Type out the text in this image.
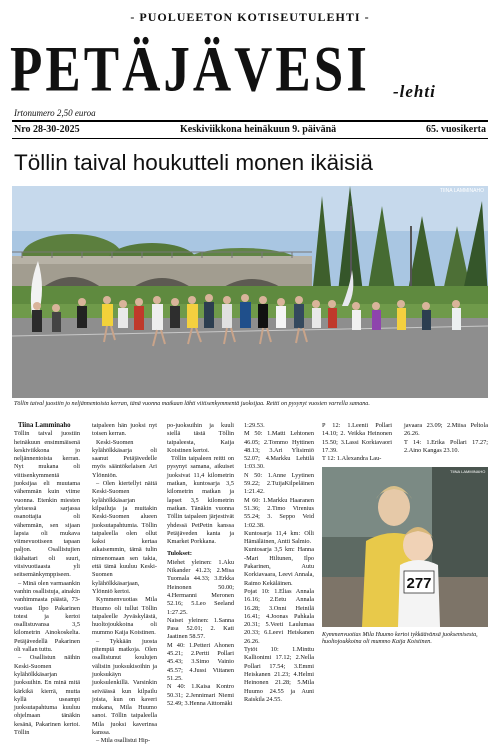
- PUOLUEETON KOTISEUTULEHTI -
PETÄJÄVESI -lehti
Irtonumero 2,50 euroa
Nro 28-30-2025	Keskiviikkona heinäkuun 9. päivänä	65. vuosikerta
Töllin taival houkutteli monen ikäisiä
TIINA LAMMINAHO
Töllin taival juostiin jo neljännentoista kerran, tänä vuonna matkaan lähti viitisenkymmentä juoksijaa. Reitti on pysynyt vuosien varrella samana.

Tiina Lamminaho

Töllin taival juostiin heinäkuun ensimmäisenä keskiviikkona jo neljännentoista kerran. Nyt mukana oli viitisenkymmentä juoksijaa eli muutama vähemmän kuin viime vuonna. Etenkin miesten yleisessä sarjassa osanottajia oli vähemmän, sen sijaan lapsia oli mukava viimevuotiseen tapaan paljon. Osallistujien ikähaitari oli suuri, viisivuotiaasta yli seitsemänkymppiseen.

– Minä olen varmaankin vanhin osallistuja, ainakin vanhimmasta päästä, 73-vuotias Ilpo Pakarinen totesi ja kertoi osallistuvansa 3,5 kilometrin Ainokoskelta. Petäjävedellä Pakarinen oli vallan tuttu.

– Osallistun näihin Keski-Suomen kylähölkkäsarjan juoksuihin. En minä mitä kärkikä kierrä, mutta kyllä useampi juoksutapahtuma kuuluu ohjelmaan tänäkin kesänä, Pakarinen kertoi. Töllin

taipaleen hän juoksi nyt toisen kerran.

Keski-Suomen kylähölkkäsarja oli saanut Petäjävedelle myös sääntökelaisen Ari Ylönniön.

– Olen kiertellyt näitä Keski-Suomen kylähölkkäsarjan kilpailuja ja muitakin Keski-Suomen alueen juoksutapahtumia. Töllin taipaleella olen ollut kaksi kertaa aikaisemmin, tämä tulin nimenomaan sen takia, että tämä kuuluu Keski-Suomen kylähölkkäsarjaan, Ylönniö kertoi.

Kymmenvuotias Mila Huumo oli tullut Töllin taipaleelle Jyväskylästä, huoltojoukkoina oli mummo Kaija Koistinen.

– Tykkään juosta pitempiä matkoja. Olen osallistunut koulujen välisiin juoksukisoihin ja juoksukäyn juoksulenkillä. Varsinkin seiväässä kun kilpailu joista, kun on kaveri mukana, Mila Huumo sanoi. Töllin taipaleella Mila juoksi kaverinsa kanssa.

– Mila osallistui Hip-

po-juoksuihin ja kuuli siellä tästä Töllin taipaleesta, Kaija Koistinen kertoi.

Töllin taipaleen reitti on pysynyt samana, aikuiset juoksivat 11,4 kilometrin matkan, kuntosarja 3,5 kilometrin matkan ja lapset 3,5 kilometrin matkan. Tänäkin vuonna Töllin taipaleen järjestivät yhdessä PetPetin kanssa Petäjäveden kanta ja Kmarket Porkkana.

Tulokset:

Miehet yleinen: 1.Aku Nikander 41.23; 2.Misa Tuomala 44.33; 3.Erkka Heinonen 50.00; 4.Hermanni Meronen 52.16; 5.Leo Seeland 1:27.25.

Naiset yleinen: 1.Sanna Pasa 52.01; 2. Kati Jaatinen 58.57.

M 40: 1.Petteri Ahonen 45.21; 2.Pertti Pollari 45.43; 3.Simo Vainio 45.57; 4.Jussi Viitanen 51.25.

N 40: 1.Kaisa Kontro 50.31; 2.Jennimari Niemi 52.49; 3.Henna Aittomäki

1:29.53.

M 50: 1.Matti Lehtonen 46.05; 2.Tommo Hyttinen 48.13; 3.Ari Ylisirniö 52.07; 4.Markku Lehtilä 1:03.30.

N 50: 1.Anne Lyytinen 59.22; 2.TuijaKilpeläinen 1:21.42.

M 60: 1.Markku Haaranen 51.36; 2.Timo Virenius 55.24; 3. Seppo Veid 1:02.38.

Kuntosarja 11,4 km: Olli Hämäläinen, Antti Salmio.

Kuntosarja 3,5 km: Hanna -Mari Hiltunen, Ilpo Pakarinen, Autu Korkiavaara, Leevi Annala, Raimo Kekäläinen.

Pojat 10: 1.Elias Annala 16.16; 2.Eetu Annala 16.28; 3.Onni Heinilä 16.41; 4.Joonas Pahkala 20.31; 5.Veeti Laulumaa 20.33; 6.Leevi Heiskanen 26.26.

Tytöt 10: 1.Minttu Kallionimi 17.12; 2.Nella Pollari 17.54; 3.Emmi Heiskanen 21.23; 4.Helmi Heinonen 21.28; 5.Mila Huumo 24.55 ja Auni Raiskila 24.55.

P 12: 1.Leenii Pollari 14.10; 2. Veikka Heinonen 15.50; 3.Lassi Korkiavaori 17.39.

T 12: 1.Alexandra Lau-

javaara 23.09; 2.Miisa Peltola 26.26.

T 14: 1.Erika Pollari 17.27; 2.Aino Kangas 23.10.

277
TIINA LAMMINAHO
Kymmenvuotias Mila Huumo kertoi tykkäävänsä juoksemisesta, huoltojoukkoina oli mummo Kaija Koistinen.
